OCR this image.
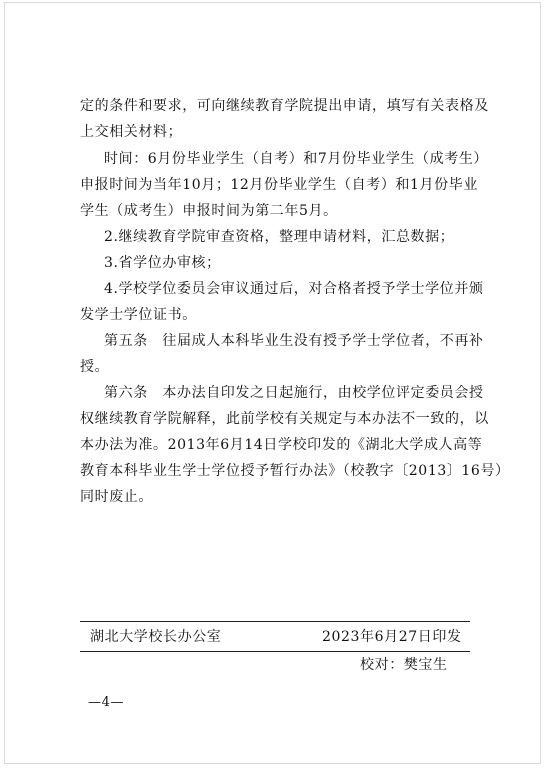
定的条件和要求，可向继续教育学院提出申请，填写有关表格及
上交相关材料；
时间：6月份毕业学生（自考）和7月份毕业学生（成考生）
申报时间为当年10月；12月份毕业学生（自考）和1月份毕业
学生（成考生）申报时间为第二年5月。
2.继续教育学院审查资格，整理申请材料，汇总数据；
3.省学位办审核；
4.学校学位委员会审议通过后，对合格者授予学士学位并颁
发学士学位证书。
第五条　往届成人本科毕业生没有授予学士学位者，不再补
授。
第六条　本办法自印发之日起施行，由校学位评定委员会授
权继续教育学院解释，此前学校有关规定与本办法不一致的，以
本办法为准。2013年6月14日学校印发的《湖北大学成人高等
教育本科毕业生学士学位授予暂行办法》（校教字〔2013〕16号）
同时废止。
湖北大学校长办公室	2023年6月27日印发
校对：樊宝生
—4—
